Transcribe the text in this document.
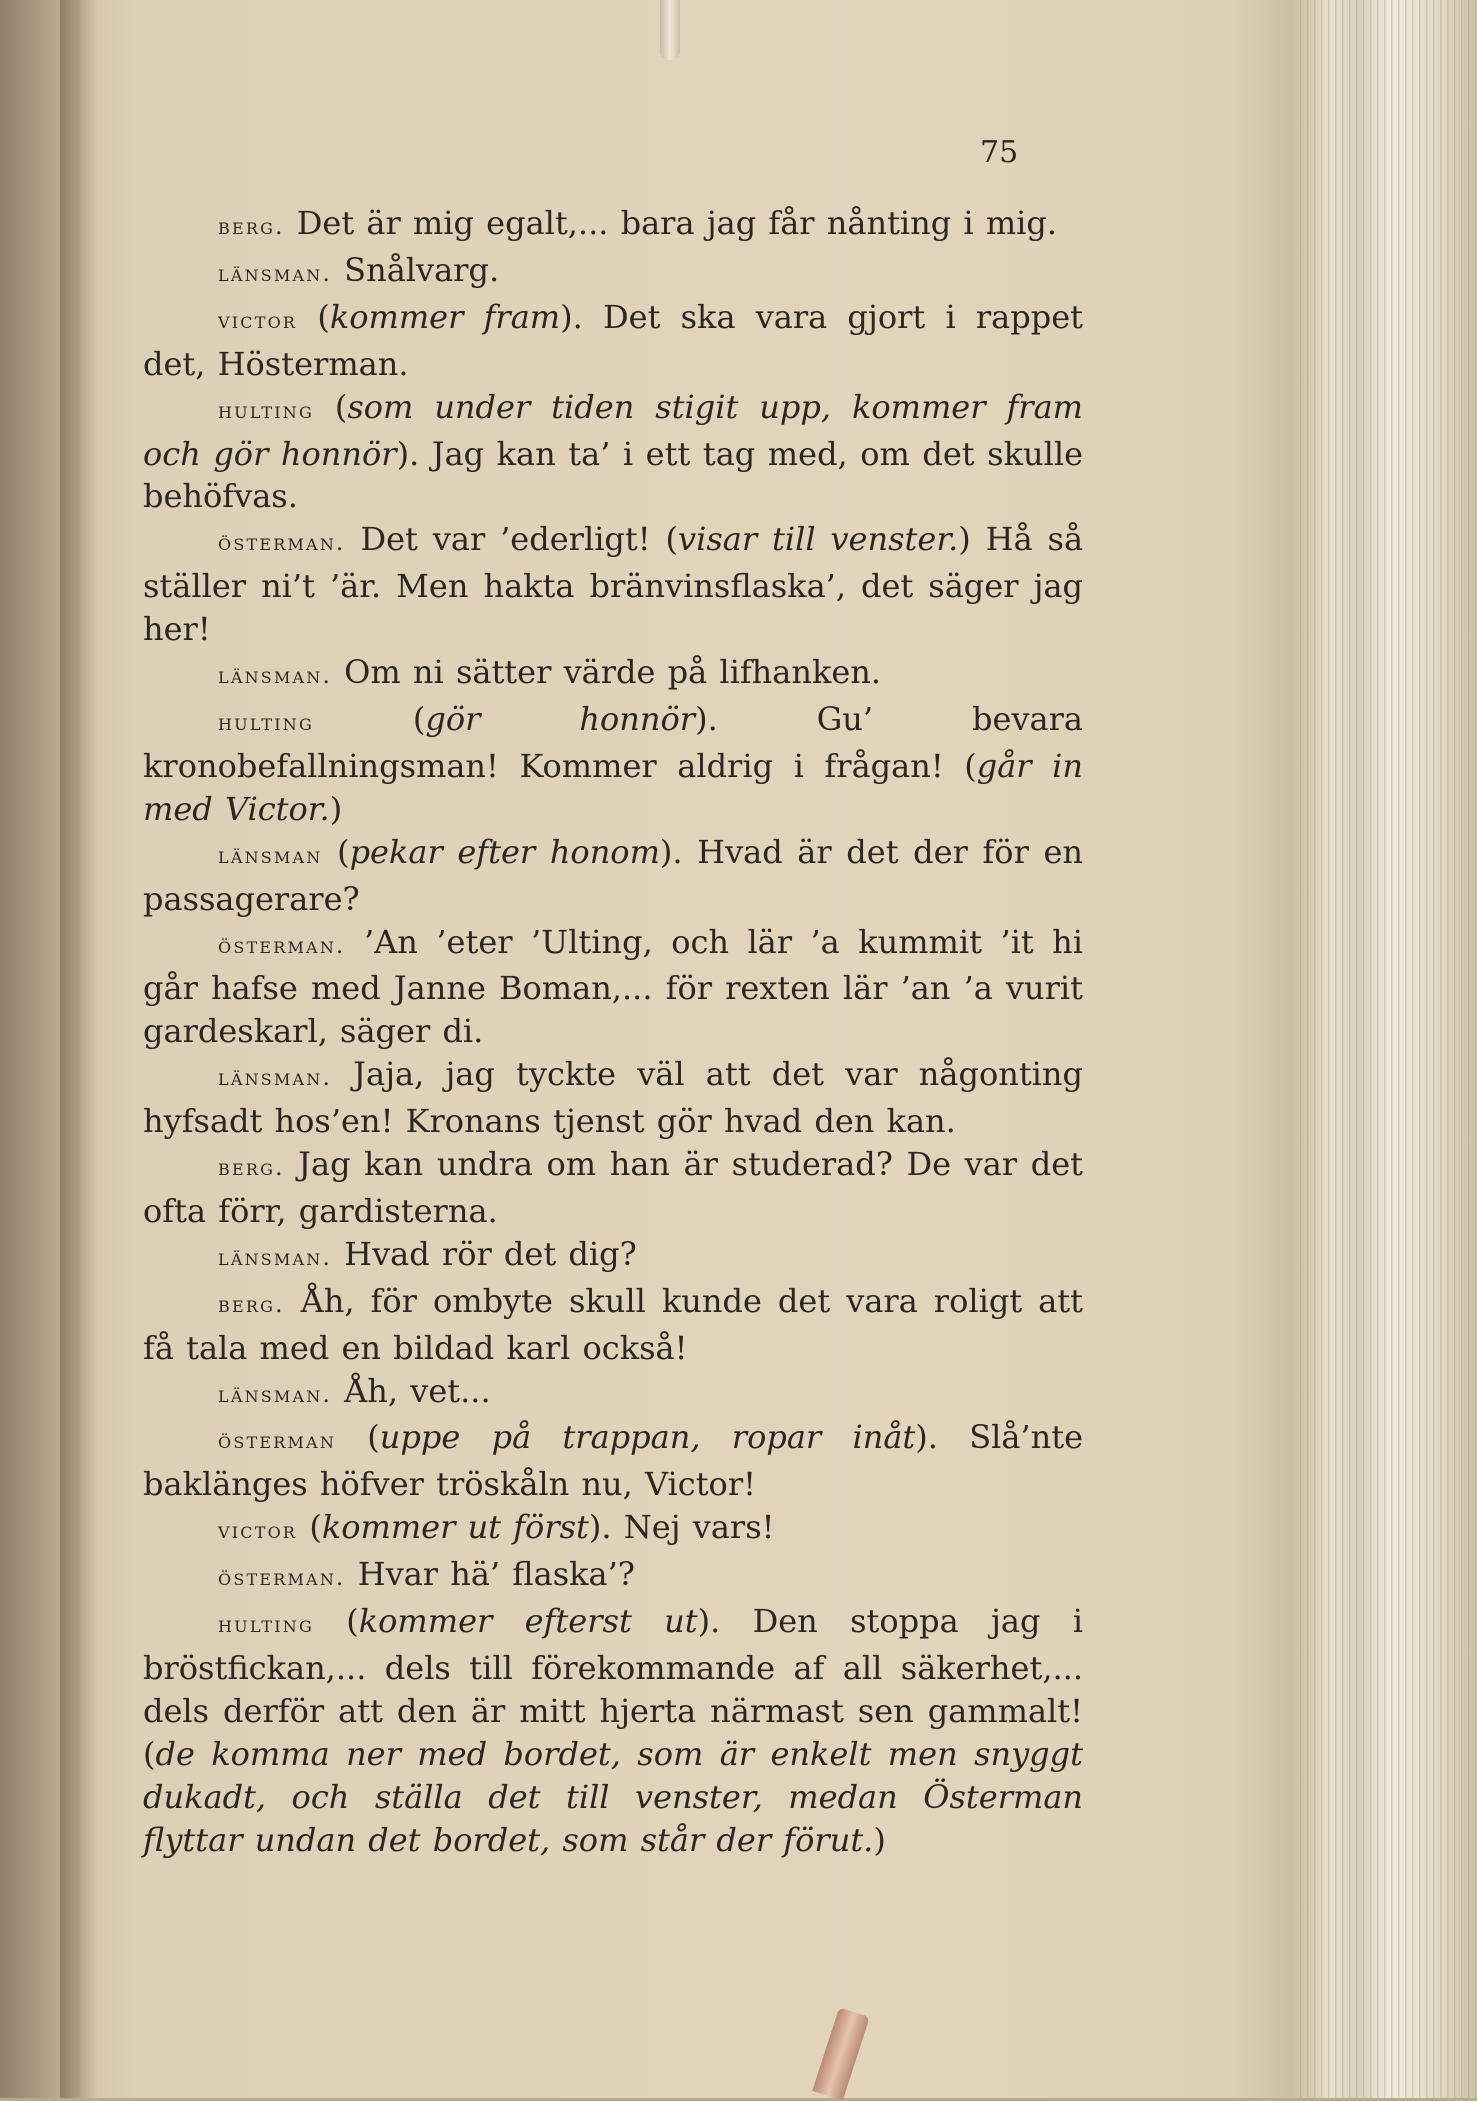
75

berg. Det är mig egalt,... bara jag får nånting i mig.

länsman. Snålvarg.

victor (kommer fram). Det ska vara gjort i rappet det, Hösterman.

hulting (som under tiden stigit upp, kommer fram och gör honnör). Jag kan ta’ i ett tag med, om det skulle behöfvas.

österman. Det var ’ederligt! (visar till venster.) Hå så ställer ni’t ’är. Men hakta bränvinsflaska’, det säger jag her!

länsman. Om ni sätter värde på lifhanken.

hulting	(gör honnör). Gu’ bevara kronobefallningsman! Kommer aldrig i frågan! (går in med Victor.)

länsman (pekar efter honom). Hvad är det der för en passagerare?

österman. ’An ’eter ’Ulting, och lär ’a kummit ’it hi går hafse med Janne Boman,... för rexten lär ’an ’a vurit gardeskarl, säger di.

länsman. Jaja, jag tyckte väl att det var någonting hyfsadt hos’en! Kronans tjenst gör hvad den kan.

berg. Jag kan undra om han är studerad? De var det ofta förr, gardisterna.

länsman. Hvad rör det dig?

berg. Åh, för ombyte skull kunde det vara roligt att få tala med en bildad karl också!

länsman. Åh, vet...

österman (uppe på trappan, ropar inåt). Slå’nte baklänges höfver tröskåln nu, Victor!

victor (kommer ut först). Nej vars!

österman. Hvar hä’ flaska’?

hulting (kommer efterst ut). Den stoppa jag i bröstfickan,... dels till förekommande af all säkerhet,... dels derför att den är mitt hjerta närmast sen gammalt! (de komma ner med bordet, som är enkelt men snyggt dukadt, och ställa det till venster, medan Österman flyttar undan det bordet, som står der förut.)
